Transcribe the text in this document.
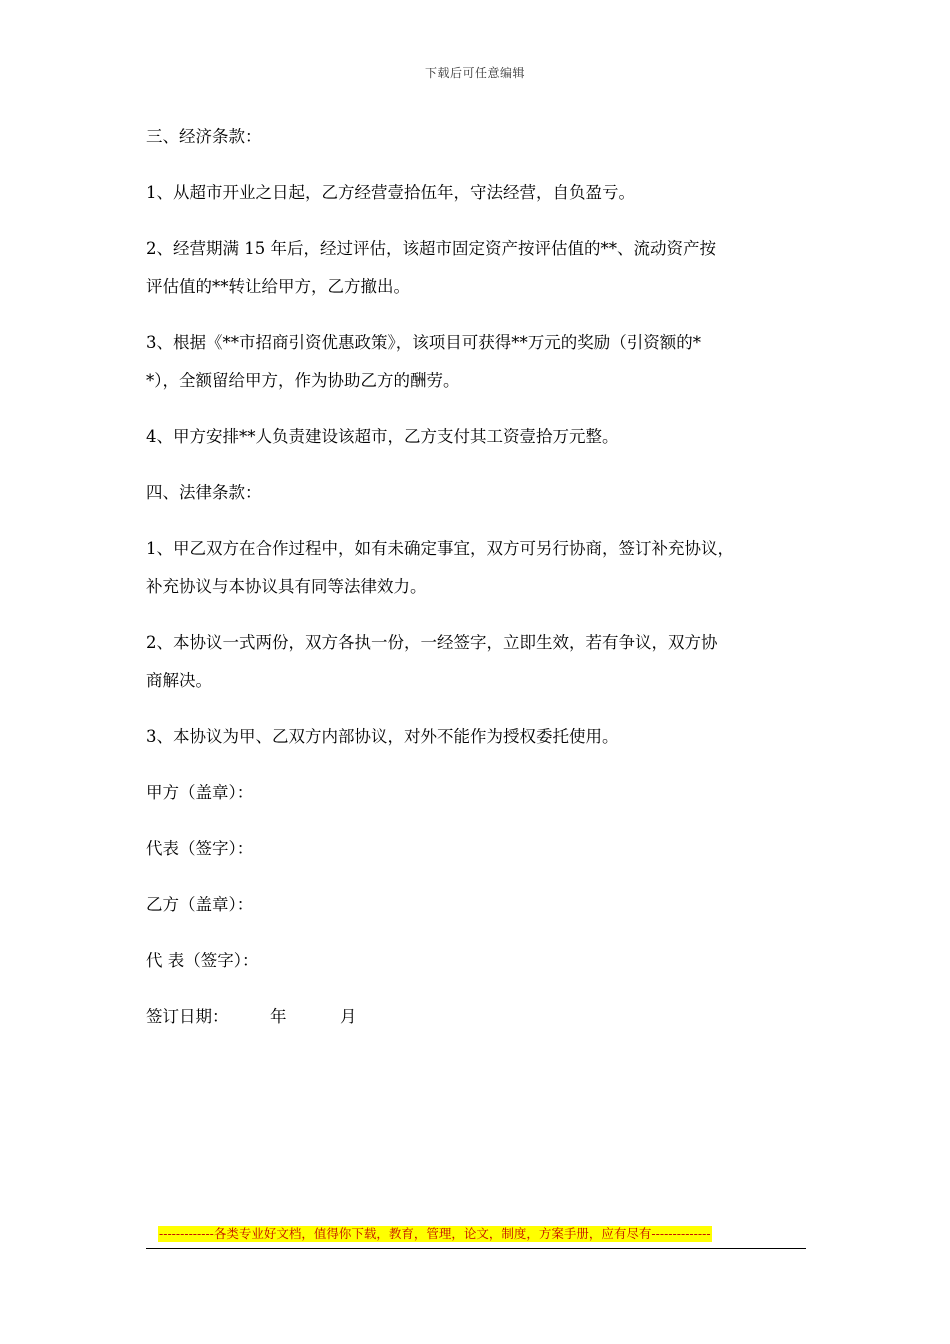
下载后可任意编辑
三、经济条款：
1、从超市开业之日起，乙方经营壹拾伍年，守法经营，自负盈亏。
2、经营期满 15 年后，经过评估，该超市固定资产按评估值的**、流动资产按
评估值的**转让给甲方，乙方撤出。
3、根据《**市招商引资优惠政策》，该项目可获得**万元的奖励（引资额的*
*），全额留给甲方，作为协助乙方的酬劳。
4、甲方安排**人负责建设该超市，乙方支付其工资壹拾万元整。
四、法律条款：
1、甲乙双方在合作过程中，如有未确定事宜，双方可另行协商，签订补充协议，
补充协议与本协议具有同等法律效力。
2、本协议一式两份，双方各执一份，一经签字，立即生效，若有争议，双方协
商解决。
3、本协议为甲、乙双方内部协议，对外不能作为授权委托使用。
甲方（盖章）：
代表（签字）：
乙方（盖章）：
代 表（签字）：
签订日期：	年	月
-------------各类专业好文档，值得你下载，教育，管理，论文，制度，方案手册，应有尽有--------------
